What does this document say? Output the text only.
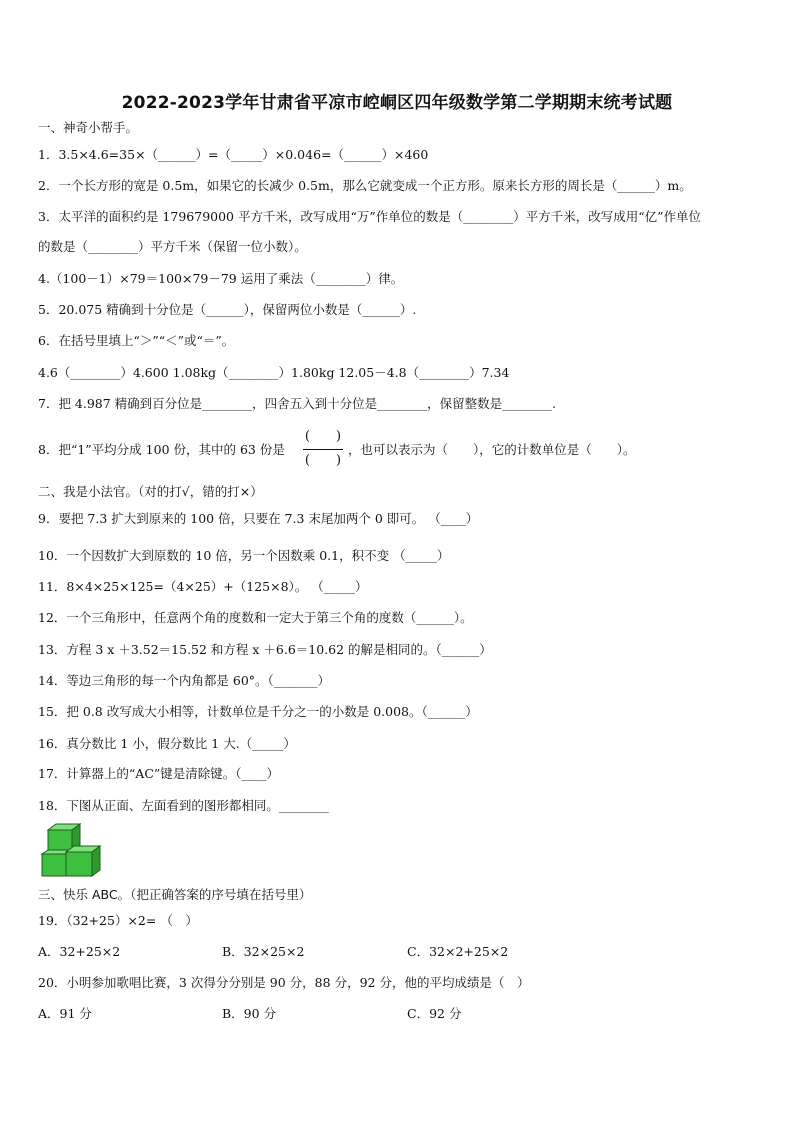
2022-2023学年甘肃省平凉市崆峒区四年级数学第二学期期末统考试题
一、神奇小帮手。
1．3.5×4.6=35×（______）=（_____）×0.046=（______）×460
2．一个长方形的宽是 0.5m，如果它的长减少 0.5m，那么它就变成一个正方形。原来长方形的周长是（______）m。
3．太平洋的面积约是 179679000 平方千米，改写成用“万”作单位的数是（________）平方千米，改写成用“亿”作单位
的数是（________）平方千米（保留一位小数）。
4.（100－1）×79＝100×79－79 运用了乘法（________）律。
5．20.075 精确到十分位是（______），保留两位小数是（______）.
6．在括号里填上“＞”“＜”或“＝”。
4.6（________）4.600 1.08kg（________）1.80kg 12.05－4.8（________）7.34
7．把 4.987 精确到百分位是________，四舍五入到十分位是________，保留整数是________.
8．把“1”平均分成 100 份，其中的 63 份是
(　　)
(　　)
，也可以表示为（　　），它的计数单位是（　　）。
二、我是小法官。（对的打√，错的打×）
9．要把 7.3 扩大到原来的 100 倍，只要在 7.3 末尾加两个 0 即可。 （____）
10．一个因数扩大到原数的 10 倍，另一个因数乘 0.1，积不变 （_____）
11．8×4×25×125=（4×25）+（125×8）。 （_____）
12．一个三角形中，任意两个角的度数和一定大于第三个角的度数（______）。
13．方程 3 x ＋3.52＝15.52 和方程 x ＋6.6＝10.62 的解是相同的。（______）
14．等边三角形的每一个内角都是 60°。（_______）
15．把 0.8 改写成大小相等，计数单位是千分之一的小数是 0.008。（______）
16．真分数比 1 小，假分数比 1 大.（_____）
17．计算器上的“AC”键是清除键。（____）
18．下图从正面、左面看到的图形都相同。________
三、快乐 ABC。（把正确答案的序号填在括号里）
19．（32+25）×2= （　）
A．32+25×2	B．32×25×2	C．32×2+25×2
20．小明参加歌唱比赛，3 次得分分别是 90 分，88 分，92 分，他的平均成绩是（　）
A．91 分	B．90 分	C．92 分
